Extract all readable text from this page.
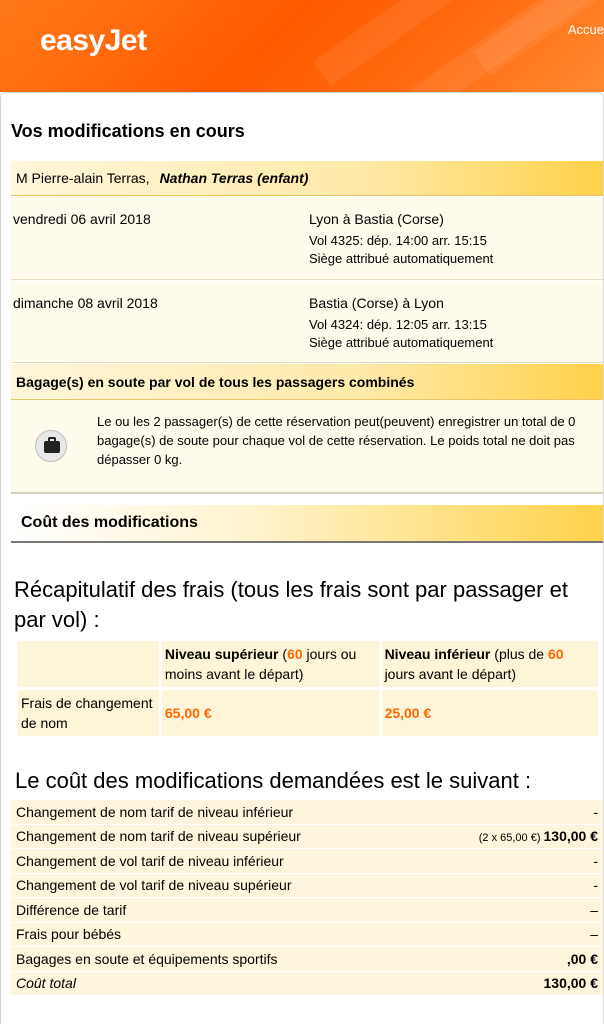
easyJet	Accue
Vos modifications en cours
M Pierre-alain Terras, Nathan Terras (enfant)
vendredi 06 avril 2018	Lyon à Bastia (Corse)
Vol 4325: dép. 14:00 arr. 15:15
Siège attribué automatiquement
dimanche 08 avril 2018	Bastia (Corse) à Lyon
Vol 4324: dép. 12:05 arr. 13:15
Siège attribué automatiquement
Bagage(s) en soute par vol de tous les passagers combinés
Le ou les 2 passager(s) de cette réservation peut(peuvent) enregistrer un total de 0 bagage(s) de soute pour chaque vol de cette réservation. Le poids total ne doit pas dépasser 0 kg.
Coût des modifications
Récapitulatif des frais (tous les frais sont par passager et par vol) :
	Niveau supérieur (60 jours ou moins avant le départ)	Niveau inférieur (plus de 60 jours avant le départ)
Frais de changement de nom	65,00 €	25,00 €
Le coût des modifications demandées est le suivant :
Changement de nom tarif de niveau inférieur	-
Changement de nom tarif de niveau supérieur	(2 x 65,00 €) 130,00 €
Changement de vol tarif de niveau inférieur	-
Changement de vol tarif de niveau supérieur	-
Différence de tarif	–
Frais pour bébés	–
Bagages en soute et équipements sportifs	,00 €
Coût total	130,00 €
